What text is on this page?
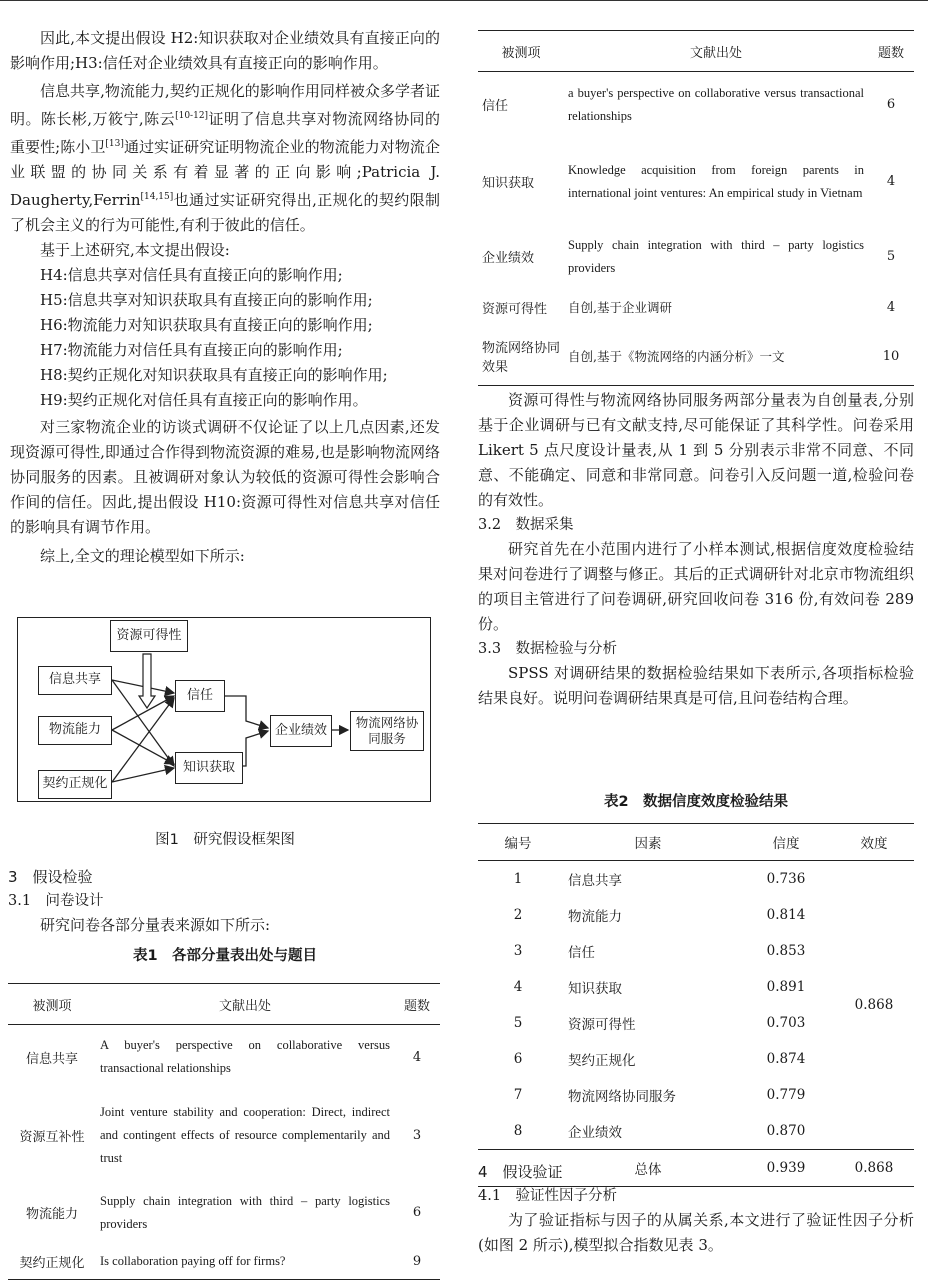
因此,本文提出假设 H2:知识获取对企业绩效具有直接正向的影响作用;H3:信任对企业绩效具有直接正向的影响作用。

信息共享,物流能力,契约正规化的影响作用同样被众多学者证明。陈长彬,万筱宁,陈云[10-12]证明了信息共享对物流网络协同的重要性;陈小卫[13]通过实证研究证明物流企业的物流能力对物流企业联盟的协同关系有着显著的正向影响;Patricia J. Daugherty,Ferrin[14,15]也通过实证研究得出,正规化的契约限制了机会主义的行为可能性,有利于彼此的信任。

基于上述研究,本文提出假设:

H4:信息共享对信任具有直接正向的影响作用;

H5:信息共享对知识获取具有直接正向的影响作用;

H6:物流能力对知识获取具有直接正向的影响作用;

H7:物流能力对信任具有直接正向的影响作用;

H8:契约正规化对知识获取具有直接正向的影响作用;

H9:契约正规化对信任具有直接正向的影响作用。

对三家物流企业的访谈式调研不仅论证了以上几点因素,还发现资源可得性,即通过合作得到物流资源的难易,也是影响物流网络协同服务的因素。且被调研对象认为较低的资源可得性会影响合作间的信任。因此,提出假设 H10:资源可得性对信息共享对信任的影响具有调节作用。

综上,全文的理论模型如下所示:

资源可得性
信息共享
物流能力
契约正规化
信任
知识获取
企业绩效	物流网络协同服务

图1　研究假设框架图

3　假设检验

3.1　问卷设计

研究问卷各部分量表来源如下所示:

表1　各部分量表出处与题目

被测项	文献出处	题数
信息共享	A buyer's perspective on collaborative versus transactional relationships	4
资源互补性	Joint venture stability and cooperation: Direct, indirect and contingent effects of resource complementarily and trust	3
物流能力	Supply chain integration with third – party logistics providers	6
契约正规化	Is collaboration paying off for firms?	9
被测项	文献出处	题数
信任	a buyer's perspective on collaborative versus transactional relationships	6
知识获取	Knowledge acquisition from foreign parents in international joint ventures: An empirical study in Vietnam	4
企业绩效	Supply chain integration with third – party logistics providers	5
资源可得性	自创,基于企业调研	4
物流网络协同效果	自创,基于《物流网络的内涵分析》一文	10

资源可得性与物流网络协同服务两部分量表为自创量表,分别基于企业调研与已有文献支持,尽可能保证了其科学性。问卷采用 Likert 5 点尺度设计量表,从 1 到 5 分别表示非常不同意、不同意、不能确定、同意和非常同意。问卷引入反问题一道,检验问卷的有效性。

3.2　数据采集

研究首先在小范围内进行了小样本测试,根据信度效度检验结果对问卷进行了调整与修正。其后的正式调研针对北京市物流组织的项目主管进行了问卷调研,研究回收问卷 316 份,有效问卷 289 份。

3.3　数据检验与分析

SPSS 对调研结果的数据检验结果如下表所示,各项指标检验结果良好。说明问卷调研结果真是可信,且问卷结构合理。

表2　数据信度效度检验结果

编号	因素	信度	效度
1	信息共享	0.736	0.868
2	物流能力	0.814	
3	信任	0.853	
4	知识获取	0.891	
5	资源可得性	0.703	
6	契约正规化	0.874	
7	物流网络协同服务	0.779	
8	企业绩效	0.870	
	总体	0.939	0.868

4　假设验证

4.1　验证性因子分析

为了验证指标与因子的从属关系,本文进行了验证性因子分析(如图 2 所示),模型拟合指数见表 3。
